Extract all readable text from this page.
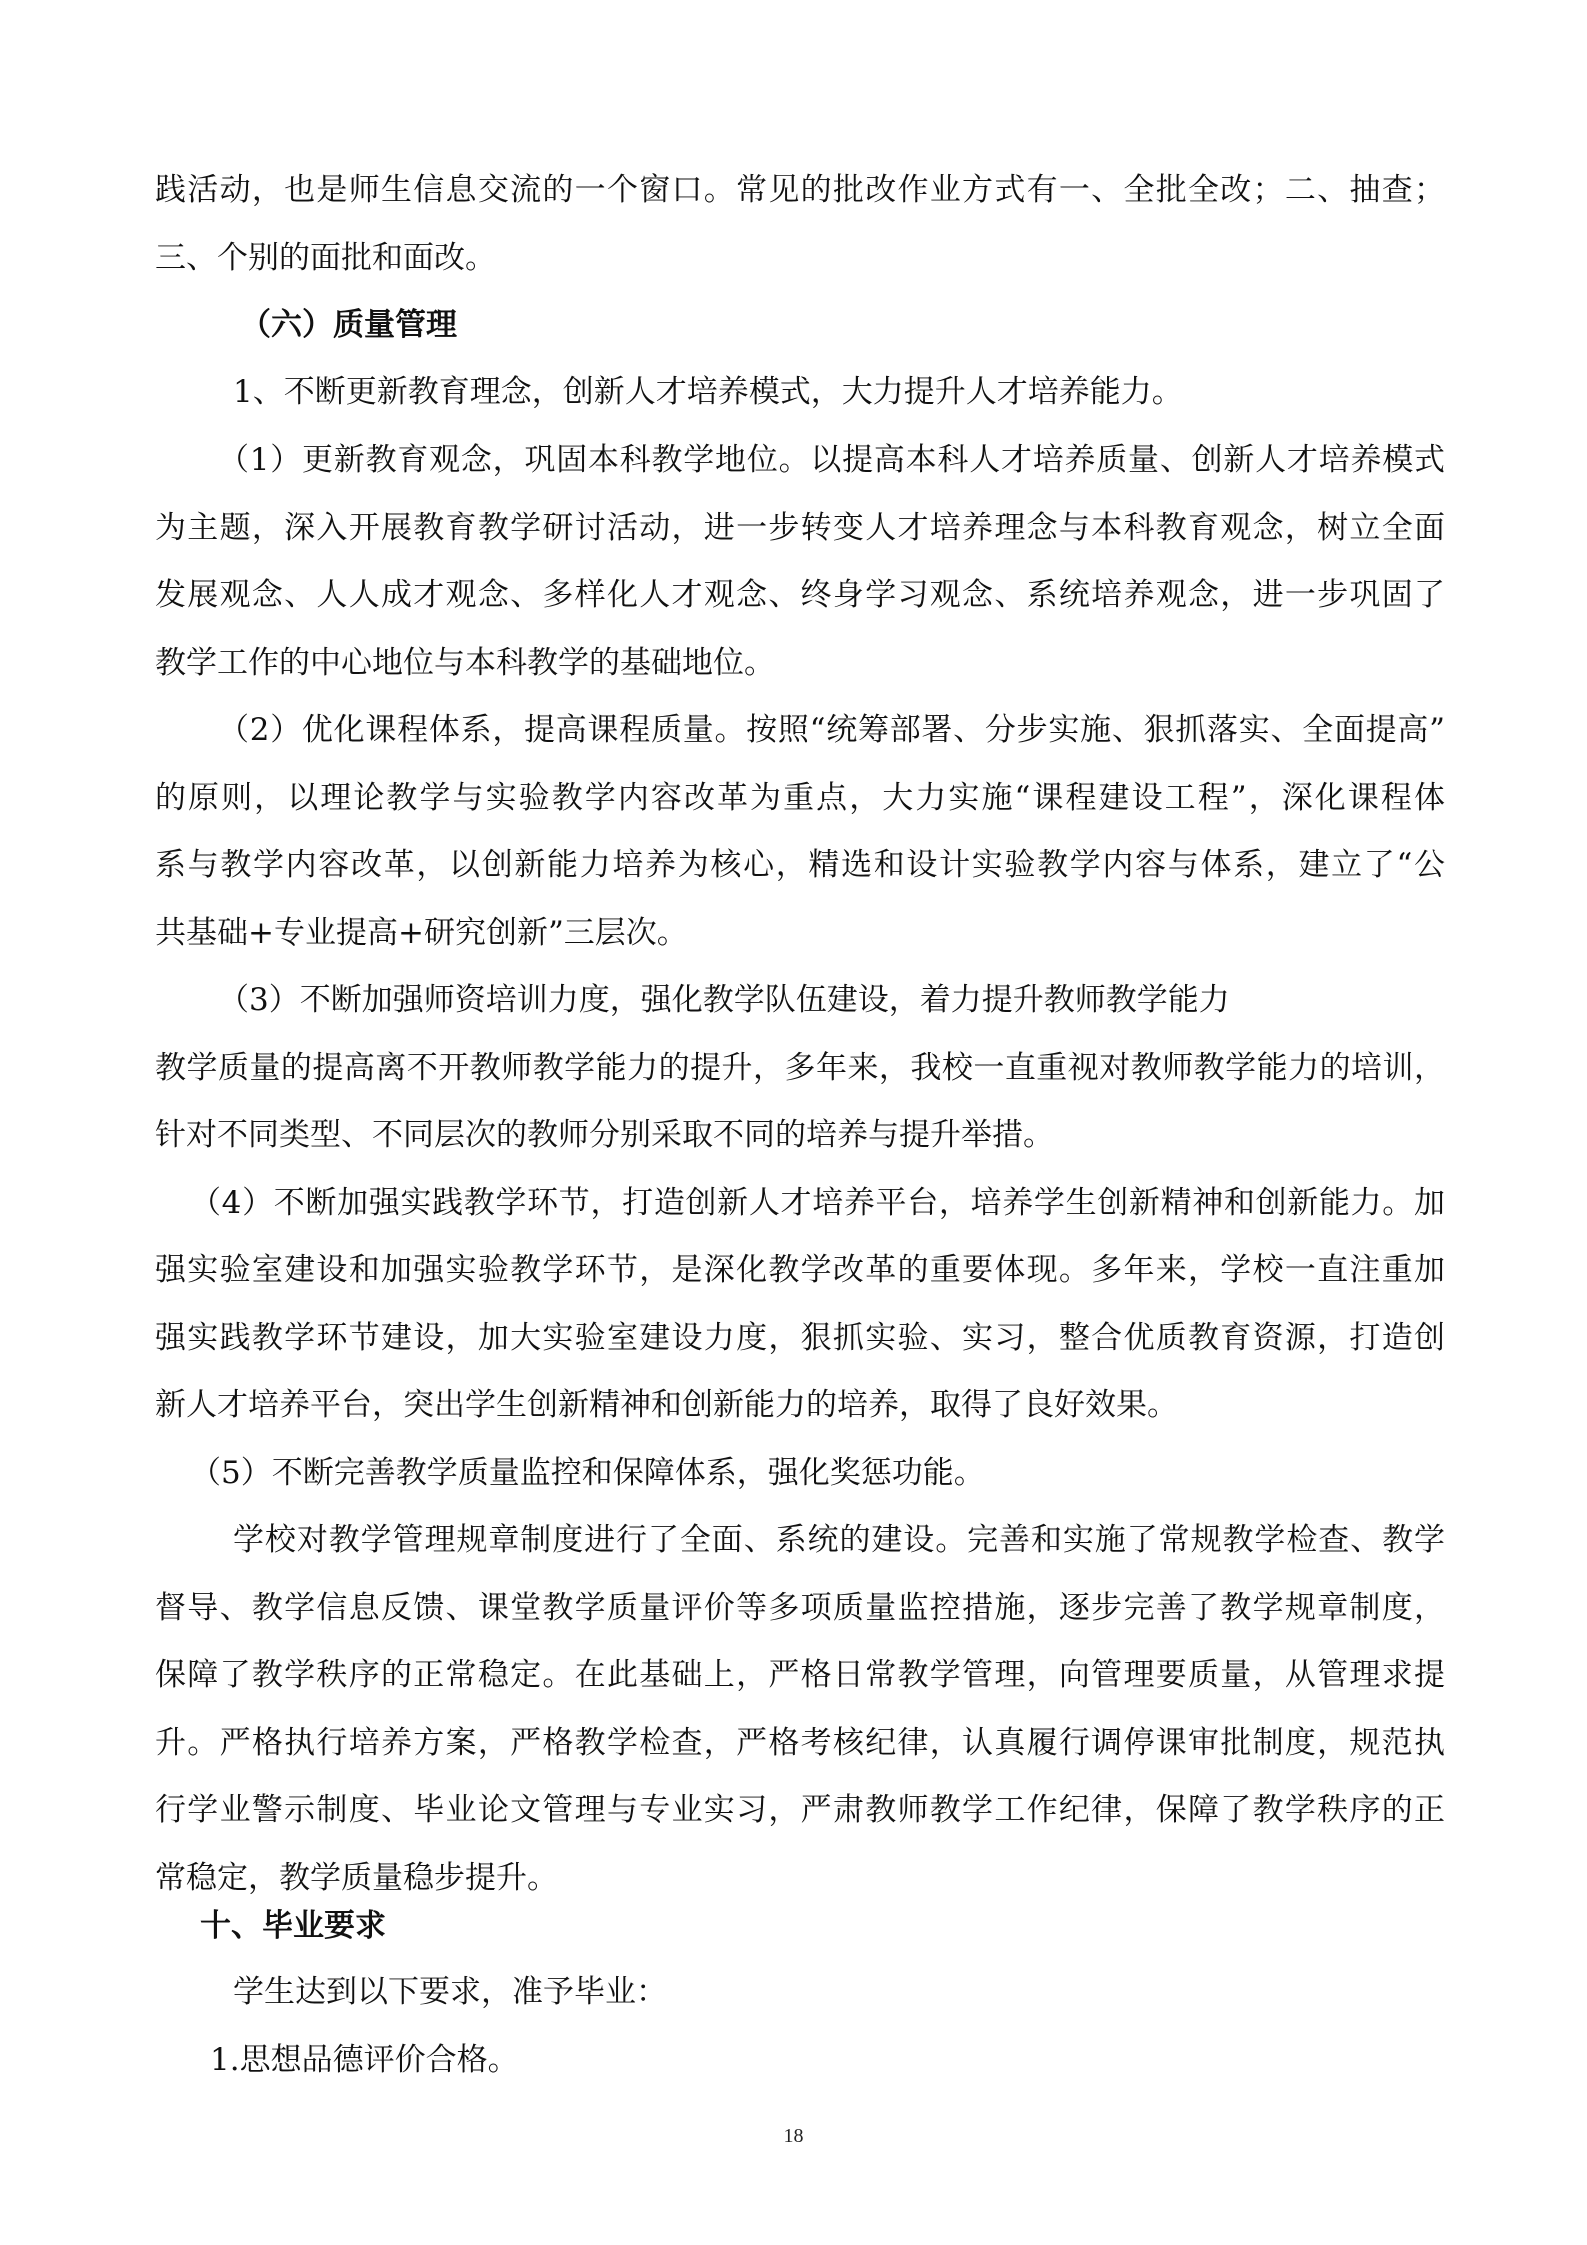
践活动，也是师生信息交流的一个窗口。常见的批改作业方式有一、全批全改；二、抽查；

三、个别的面批和面改。

（六）质量管理

1、不断更新教育理念，创新人才培养模式，大力提升人才培养能力。

（1）更新教育观念，巩固本科教学地位。以提高本科人才培养质量、创新人才培养模式

为主题，深入开展教育教学研讨活动，进一步转变人才培养理念与本科教育观念，树立全面

发展观念、人人成才观念、多样化人才观念、终身学习观念、系统培养观念，进一步巩固了

教学工作的中心地位与本科教学的基础地位。

（2）优化课程体系，提高课程质量。按照“统筹部署、分步实施、狠抓落实、全面提高”

的原则，以理论教学与实验教学内容改革为重点，大力实施“课程建设工程”，深化课程体

系与教学内容改革，以创新能力培养为核心，精选和设计实验教学内容与体系，建立了“公

共基础+专业提高+研究创新”三层次。

（3）不断加强师资培训力度，强化教学队伍建设，着力提升教师教学能力

教学质量的提高离不开教师教学能力的提升，多年来，我校一直重视对教师教学能力的培训，

针对不同类型、不同层次的教师分别采取不同的培养与提升举措。

（4）不断加强实践教学环节，打造创新人才培养平台，培养学生创新精神和创新能力。加

强实验室建设和加强实验教学环节，是深化教学改革的重要体现。多年来，学校一直注重加

强实践教学环节建设，加大实验室建设力度，狠抓实验、实习，整合优质教育资源，打造创

新人才培养平台，突出学生创新精神和创新能力的培养，取得了良好效果。

（5）不断完善教学质量监控和保障体系，强化奖惩功能。

学校对教学管理规章制度进行了全面、系统的建设。完善和实施了常规教学检查、教学

督导、教学信息反馈、课堂教学质量评价等多项质量监控措施，逐步完善了教学规章制度，

保障了教学秩序的正常稳定。在此基础上，严格日常教学管理，向管理要质量，从管理求提

升。严格执行培养方案，严格教学检查，严格考核纪律，认真履行调停课审批制度，规范执

行学业警示制度、毕业论文管理与专业实习，严肃教师教学工作纪律，保障了教学秩序的正

常稳定，教学质量稳步提升。

十、毕业要求

学生达到以下要求，准予毕业：

1.思想品德评价合格。

18
